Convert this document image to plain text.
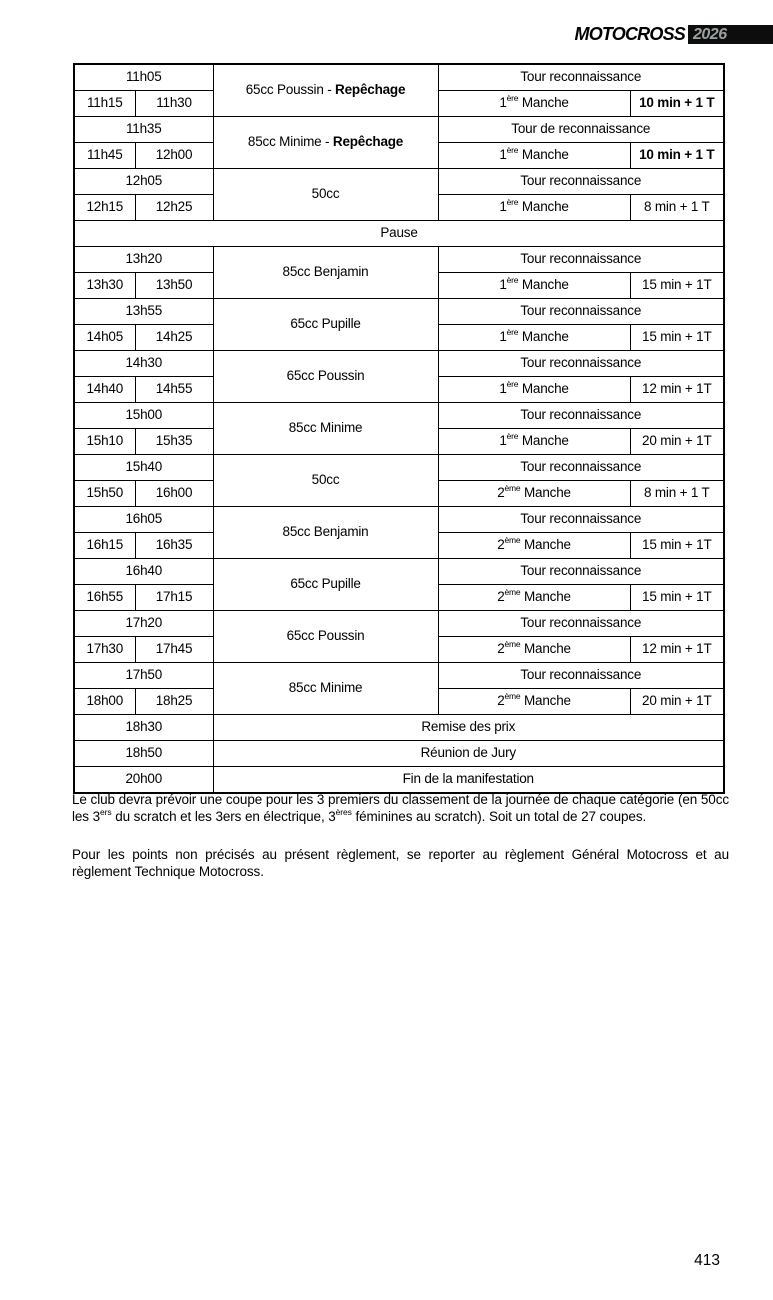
MOTOCROSS 2026
11h05		65cc Poussin - Repêchage	Tour reconnaissance	
11h15	11h30		1ère Manche	10 min + 1 T
11h35		85cc Minime - Repêchage	Tour de reconnaissance	
11h45	12h00		1ère Manche	10 min + 1 T
12h05		50cc	Tour reconnaissance	
12h15	12h25		1ère Manche	8 min + 1 T
Pause				
13h20		85cc Benjamin	Tour reconnaissance	
13h30	13h50		1ère Manche	15 min + 1T
13h55		65cc Pupille	Tour reconnaissance	
14h05	14h25		1ère Manche	15 min + 1T
14h30		65cc Poussin	Tour reconnaissance	
14h40	14h55		1ère Manche	12 min + 1T
15h00		85cc Minime	Tour reconnaissance	
15h10	15h35		1ère Manche	20 min + 1T
15h40		50cc	Tour reconnaissance	
15h50	16h00		2ème Manche	8 min + 1 T
16h05		85cc Benjamin	Tour reconnaissance	
16h15	16h35		2ème Manche	15 min + 1T
16h40		65cc Pupille	Tour reconnaissance	
16h55	17h15		2ème Manche	15 min + 1T
17h20		65cc Poussin	Tour reconnaissance	
17h30	17h45		2ème Manche	12 min + 1T
17h50		85cc Minime	Tour reconnaissance	
18h00	18h25		2ème Manche	20 min + 1T
18h30		Remise des prix		
18h50		Réunion de Jury		
20h00		Fin de la manifestation		

Le club devra prévoir une coupe pour les 3 premiers du classement de la journée de chaque catégorie (en 50cc les 3ers du scratch et les 3ers en électrique, 3ères féminines au scratch). Soit un total de 27 coupes.

Pour les points non précisés au présent règlement, se reporter au règlement Général Motocross et au règlement Technique Motocross.

413
